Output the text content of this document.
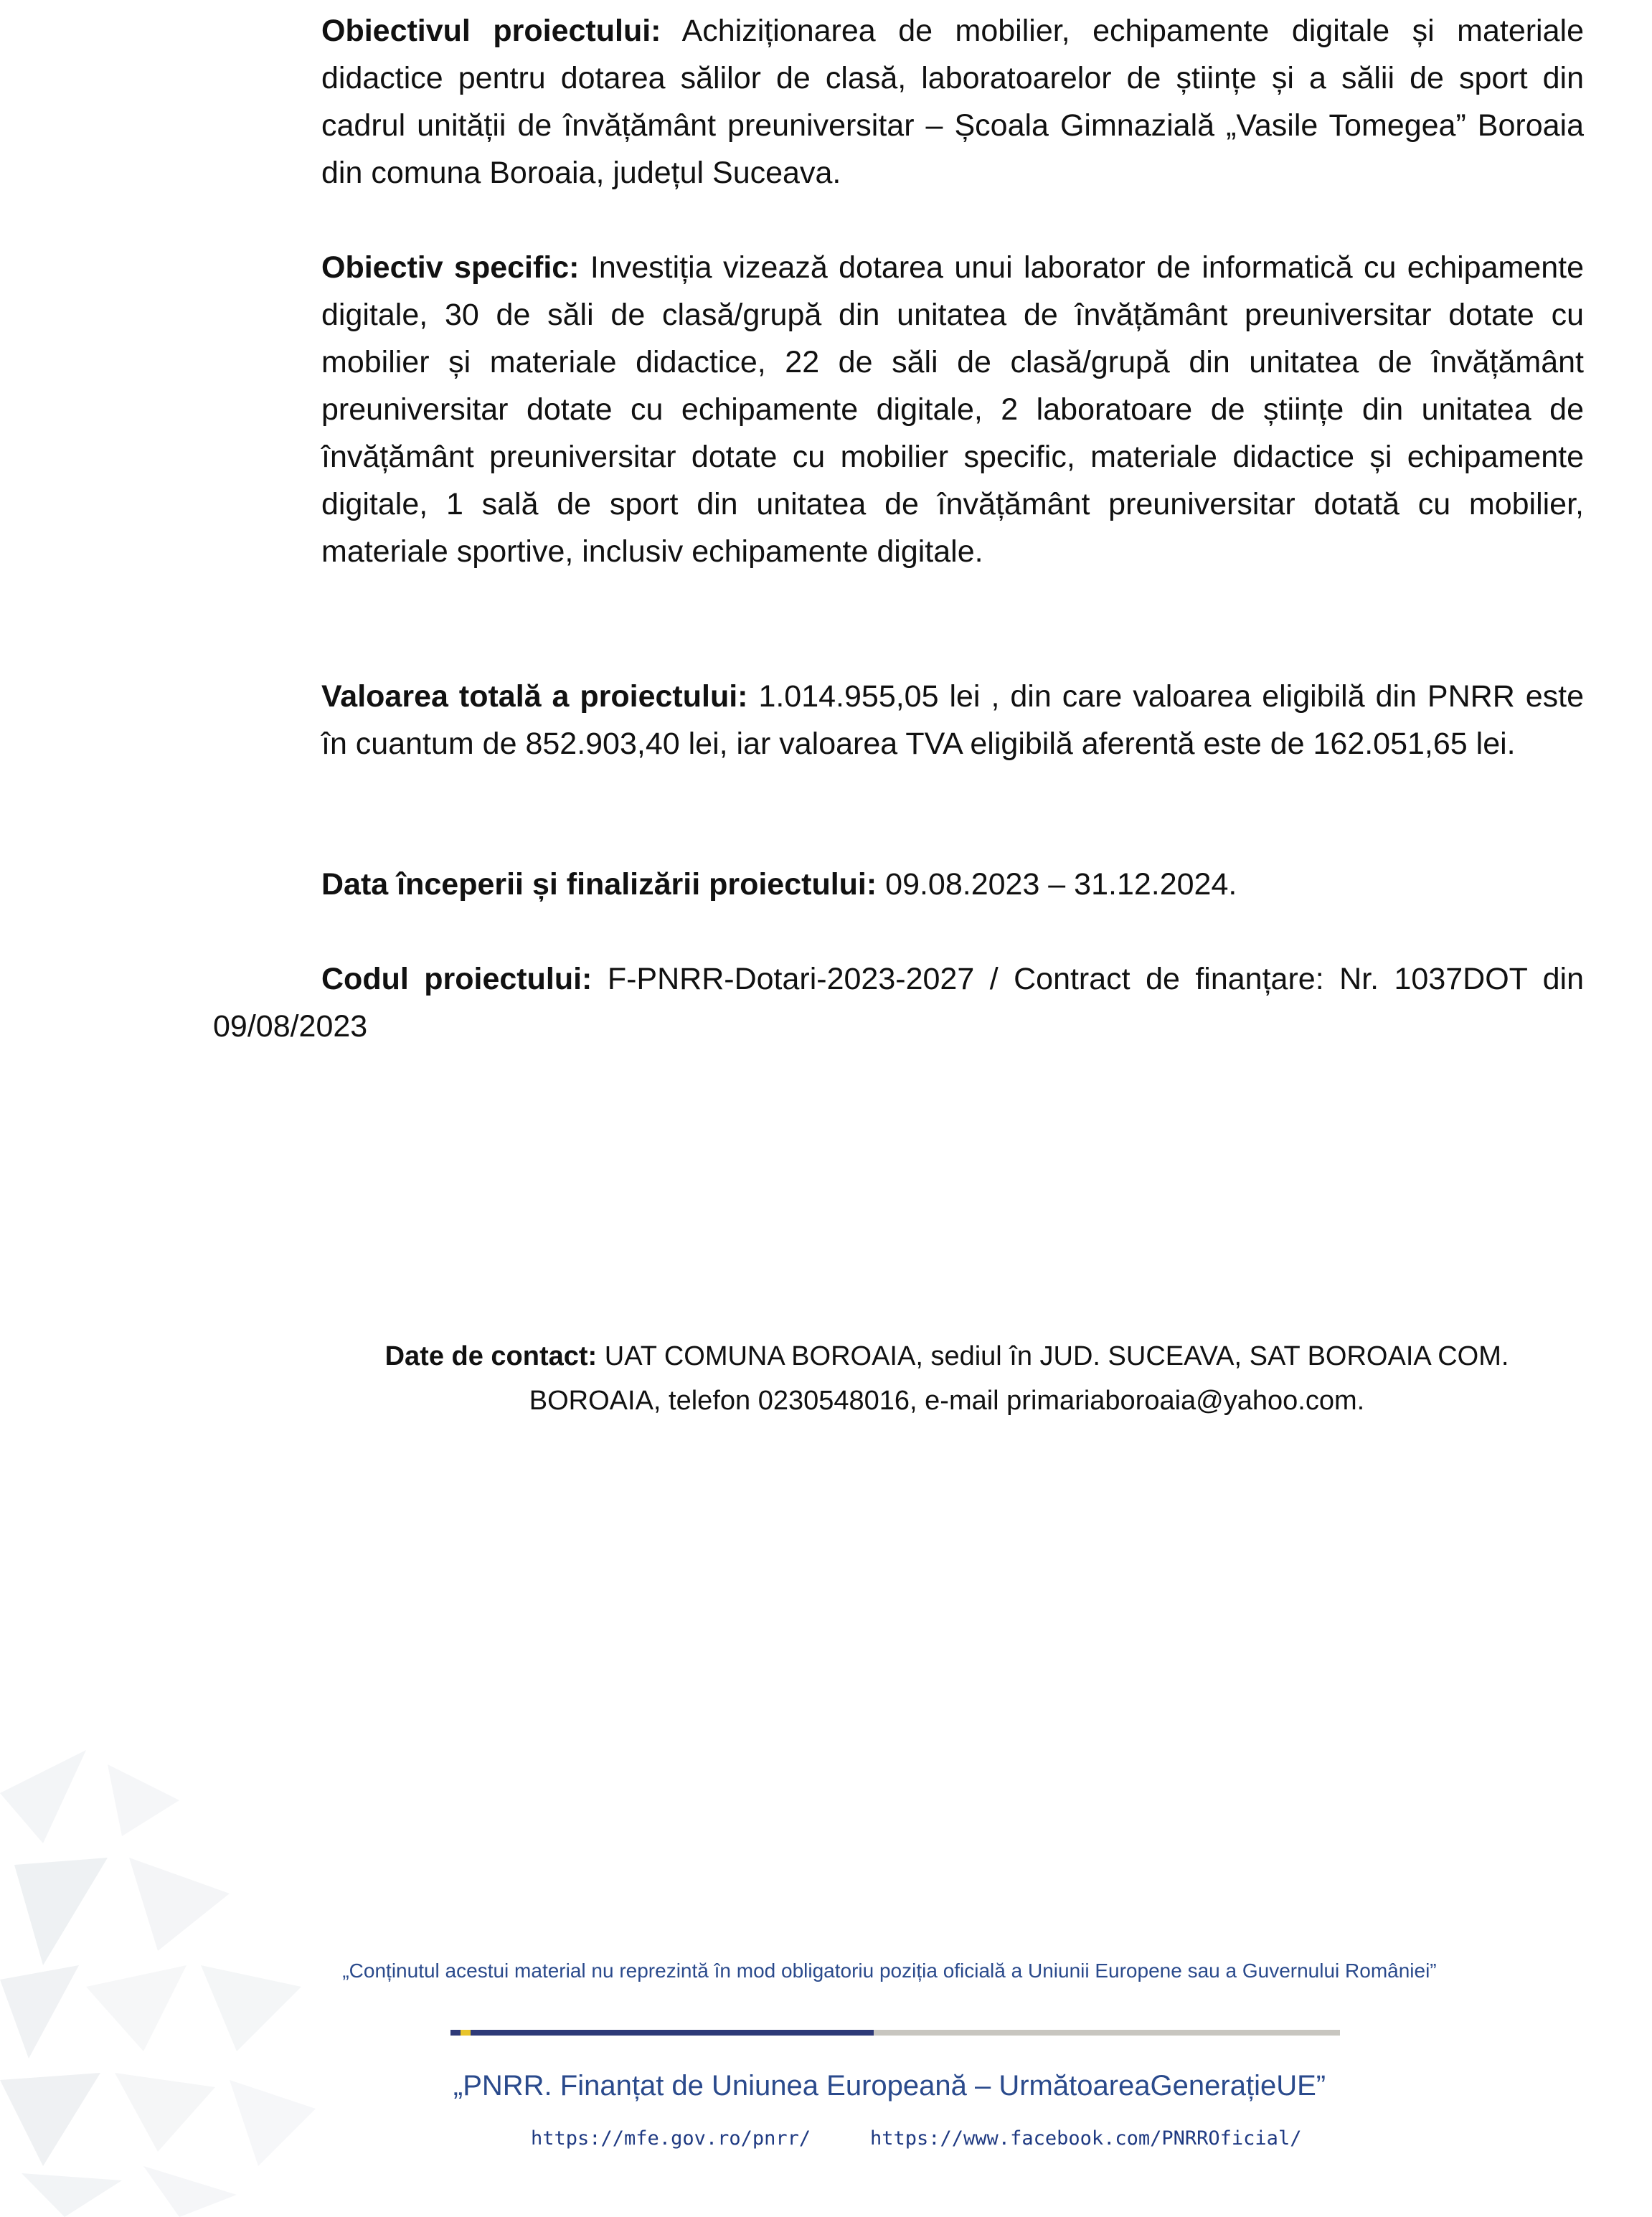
Obiectivul proiectului: Achiziționarea de mobilier, echipamente digitale și materiale didactice pentru dotarea sălilor de clasă, laboratoarelor de științe și a sălii de sport din cadrul unității de învățământ preuniversitar – Școala Gimnazială „Vasile Tomegea” Boroaia din comuna Boroaia, județul Suceava.

Obiectiv specific: Investiția vizează dotarea unui laborator de informatică cu echipamente digitale, 30 de săli de clasă/grupă din unitatea de învățământ preuniversitar dotate cu mobilier și materiale didactice, 22 de săli de clasă/grupă din unitatea de învățământ preuniversitar dotate cu echipamente digitale, 2 laboratoare de științe din unitatea de învățământ preuniversitar dotate cu mobilier specific, materiale didactice și echipamente digitale, 1 sală de sport din unitatea de învățământ preuniversitar dotată cu mobilier, materiale sportive, inclusiv echipamente digitale.

Valoarea totală a proiectului: 1.014.955,05 lei , din care valoarea eligibilă din PNRR este în cuantum de 852.903,40 lei, iar valoarea TVA eligibilă aferentă este de 162.051,65 lei.

Data începerii și finalizării proiectului: 09.08.2023 – 31.12.2024.

Codul proiectului: F-PNRR-Dotari-2023-2027 / Contract de finanțare: Nr. 1037DOT din 09/08/2023

Date de contact: UAT COMUNA BOROAIA, sediul în JUD. SUCEAVA, SAT BOROAIA COM.
BOROAIA, telefon 0230548016, e-mail primariaboroaia@yahoo.com.
„Conținutul acestui material nu reprezintă în mod obligatoriu poziția oficială a Uniunii Europene sau a Guvernului României”
„PNRR. Finanțat de Uniunea Europeană – UrmătoareaGenerațieUE”
https://mfe.gov.ro/pnrr/	https://www.facebook.com/PNRROficial/
